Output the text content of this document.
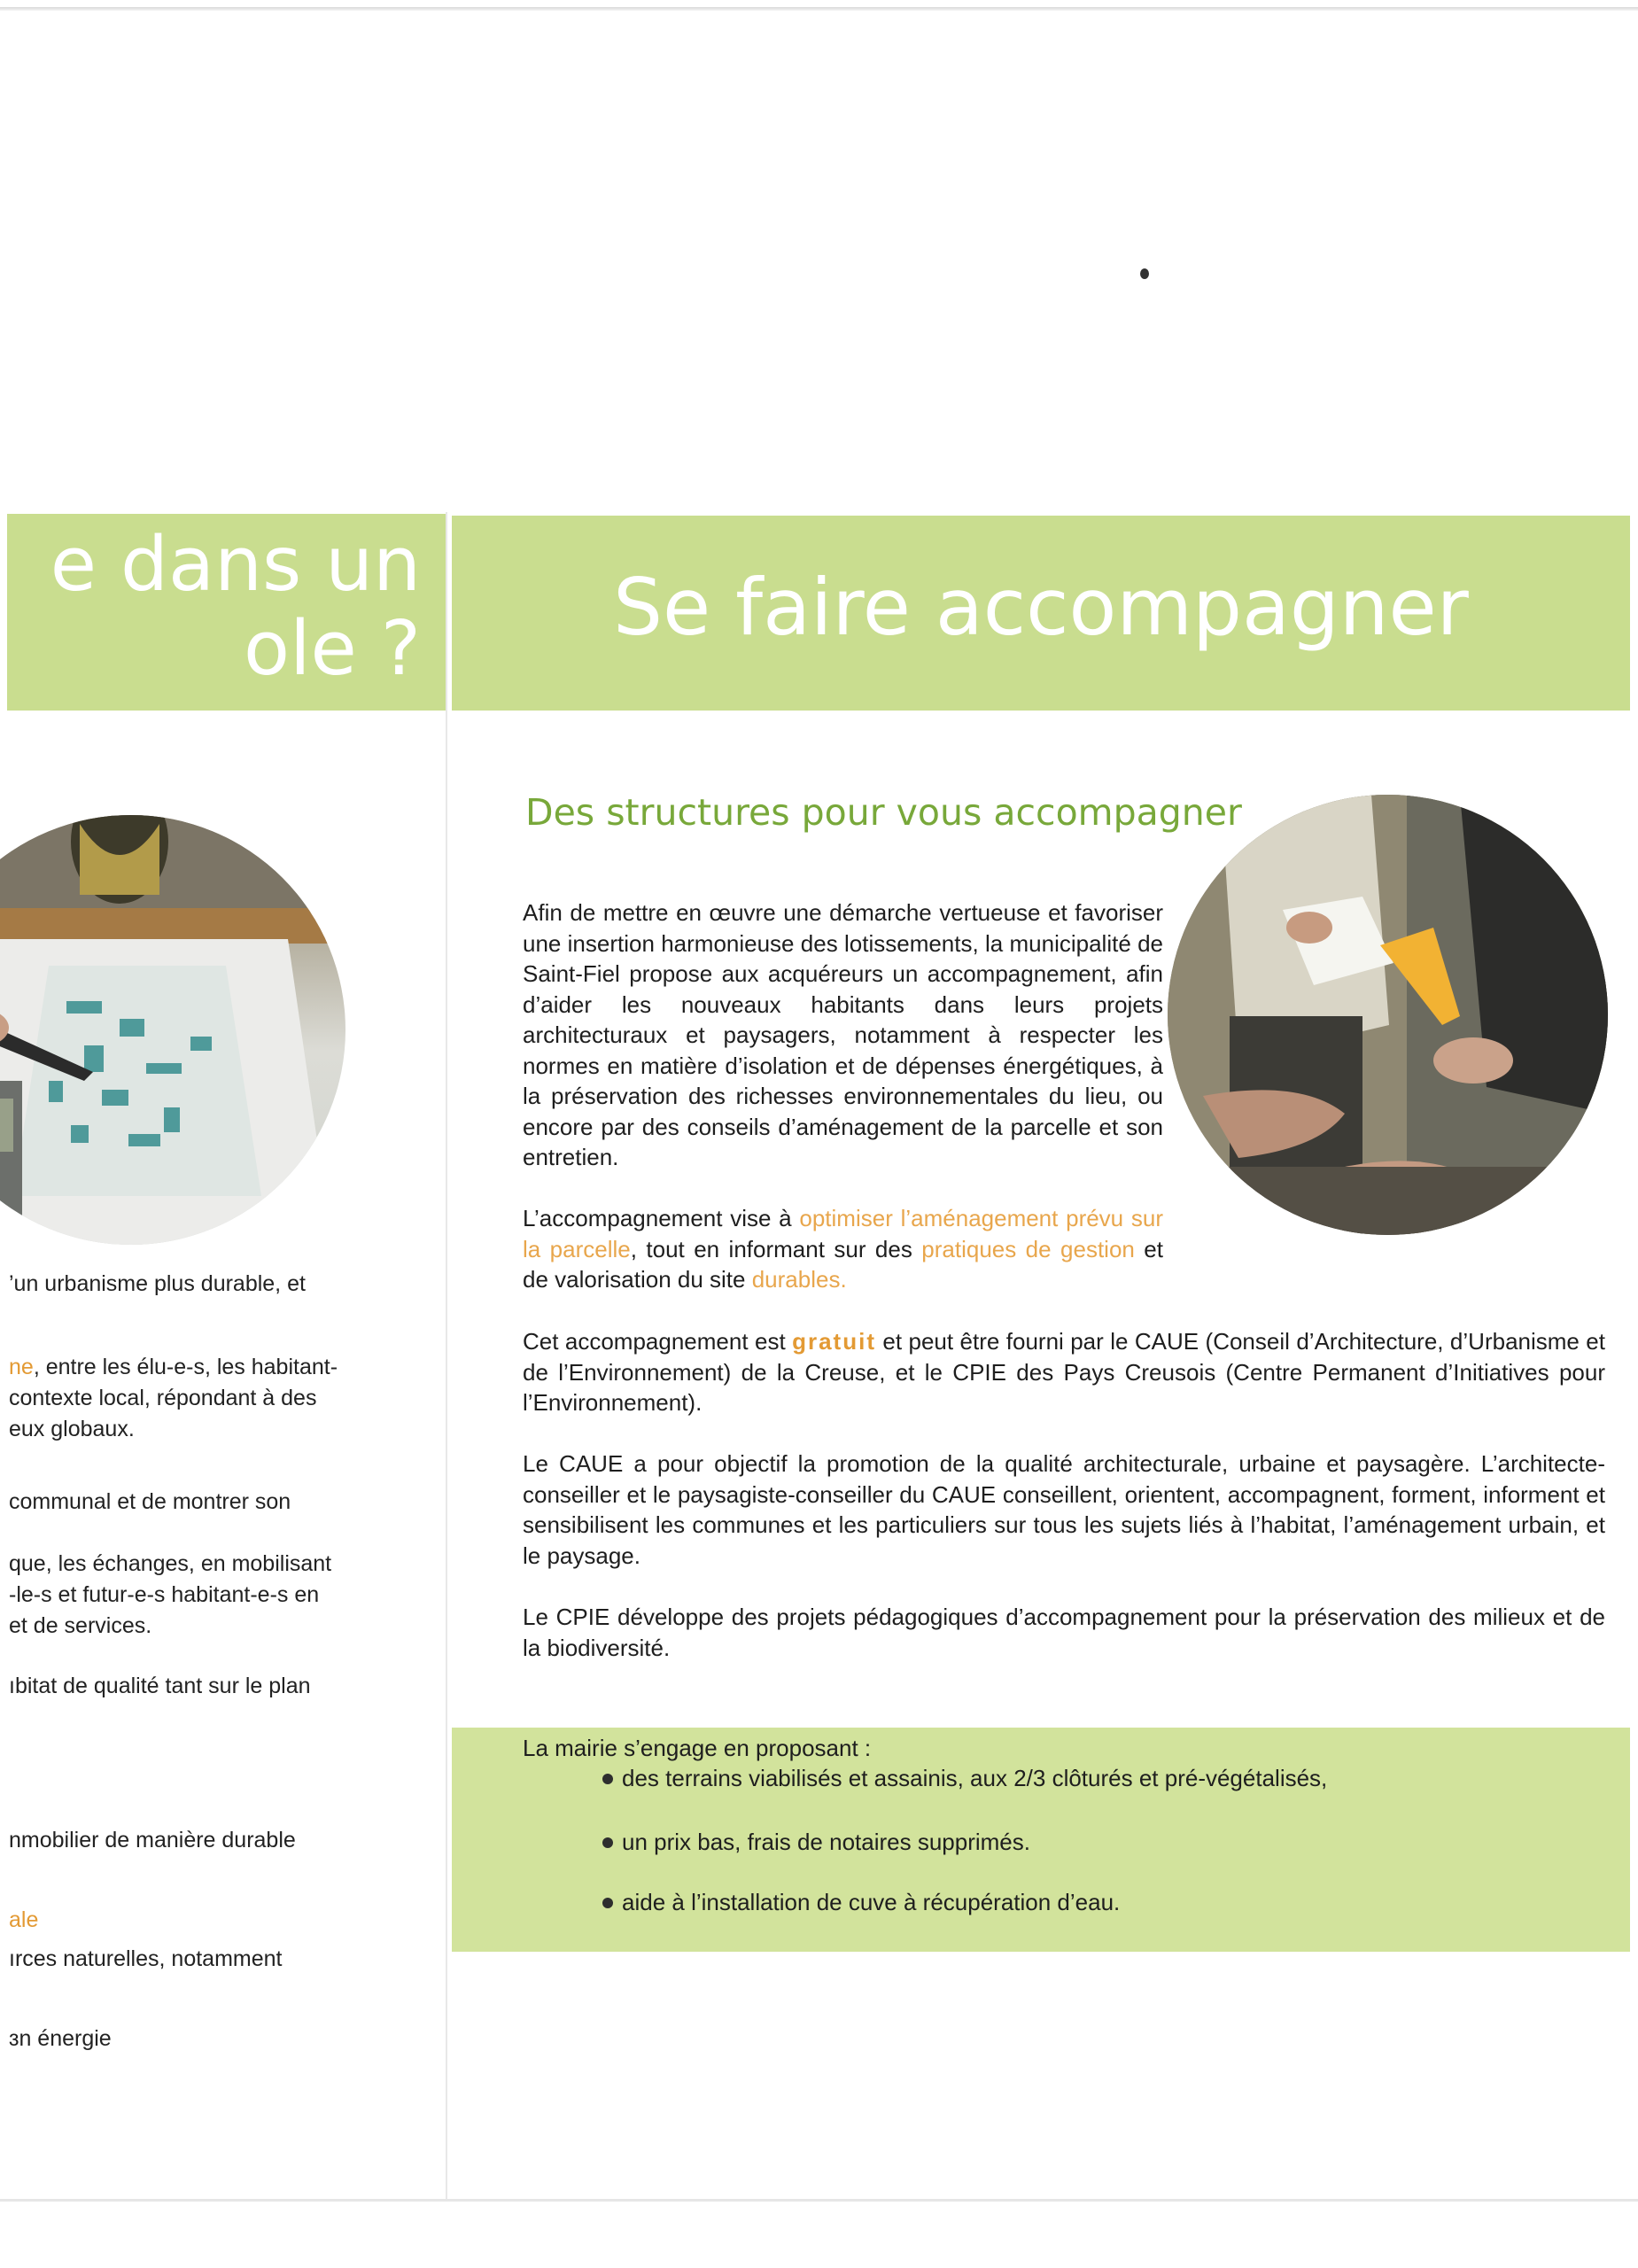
e dans un
ole ?

’un urbanisme plus durable, et

ne, entre les élu-e-s, les habitant-

contexte local, répondant à des

eux globaux.

communal et de montrer son

que, les échanges, en mobilisant

-le-s et futur-e-s habitant-e-s en

et de services.

ıbitat de qualité tant sur le plan

nmobilier de manière durable

ale

ırces naturelles, notamment

ɜn énergie

Se faire accompagner
Des structures pour vous accompagner

Afin de mettre en œuvre une démarche vertueuse et favoriser une insertion harmonieuse des lotissements, la municipalité de Saint-Fiel propose aux acquéreurs un accompagnement, afin d’aider les nouveaux habitants dans leurs projets architecturaux et paysagers, notamment à respecter les normes en matière d’isolation et de dépenses énergétiques, à la préservation des richesses environnementales du lieu, ou encore par des conseils d’aménagement de la parcelle et son entretien.

L’accompagnement vise à optimiser l’aménagement prévu sur la parcelle, tout en informant sur des pratiques de gestion et de valorisation du site durables.

Cet accompagnement est gratuit et peut être fourni par le CAUE (Conseil d’Architecture, d’Urbanisme et de l’Environnement) de la Creuse, et le CPIE des Pays Creusois (Centre Permanent d’Initiatives pour l’Environnement).

Le CAUE a pour objectif la promotion de la qualité architecturale, urbaine et paysagère. L’architecte-conseiller et le paysagiste-conseiller du CAUE conseillent, orientent, accompagnent, forment, informent et sensibilisent les communes et les particuliers sur tous les sujets liés à l’habitat, l’aménagement urbain, et le paysage.

Le CPIE développe des projets pédagogiques d’accompagnement pour la préservation des milieux et de la biodiversité.

La mairie s’engage en proposant :

des terrains viabilisés et assainis, aux 2/3 clôturés et pré-végétalisés,
un prix bas, frais de notaires supprimés.
aide à l’installation de cuve à récupération d’eau.
